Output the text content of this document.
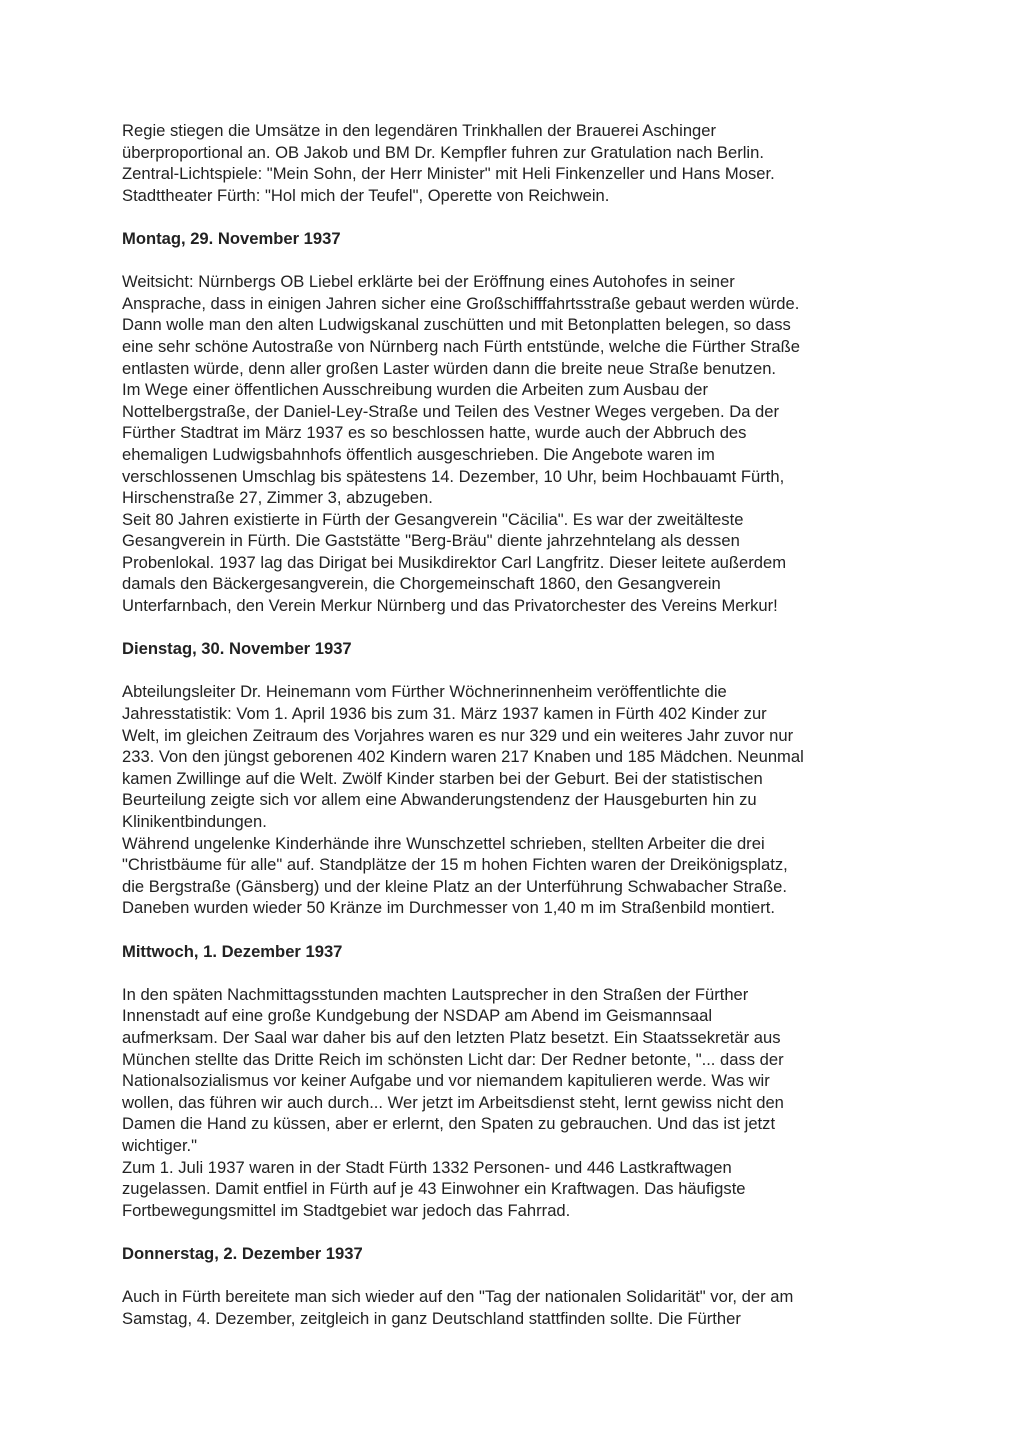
Regie stiegen die Umsätze in den legendären Trinkhallen der Brauerei Aschinger
überproportional an. OB Jakob und BM Dr. Kempfler fuhren zur Gratulation nach Berlin.
Zentral-Lichtspiele: "Mein Sohn, der Herr Minister" mit Heli Finkenzeller und Hans Moser.
Stadttheater Fürth: "Hol mich der Teufel", Operette von Reichwein.
Montag, 29. November 1937
Weitsicht: Nürnbergs OB Liebel erklärte bei der Eröffnung eines Autohofes in seiner
Ansprache, dass in einigen Jahren sicher eine Großschifffahrtsstraße gebaut werden würde.
Dann wolle man den alten Ludwigskanal zuschütten und mit Betonplatten belegen, so dass
eine sehr schöne Autostraße von Nürnberg nach Fürth entstünde, welche die Fürther Straße
entlasten würde, denn aller großen Laster würden dann die breite neue Straße benutzen.
Im Wege einer öffentlichen Ausschreibung wurden die Arbeiten zum Ausbau der
Nottelbergstraße, der Daniel-Ley-Straße und Teilen des Vestner Weges vergeben. Da der
Fürther Stadtrat im März 1937 es so beschlossen hatte, wurde auch der Abbruch des
ehemaligen Ludwigsbahnhofs öffentlich ausgeschrieben. Die Angebote waren im
verschlossenen Umschlag bis spätestens 14. Dezember, 10 Uhr, beim Hochbauamt Fürth,
Hirschenstraße 27, Zimmer 3, abzugeben.
Seit 80 Jahren existierte in Fürth der Gesangverein "Cäcilia". Es war der zweitälteste
Gesangverein in Fürth. Die Gaststätte "Berg-Bräu" diente jahrzehntelang als dessen
Probenlokal. 1937 lag das Dirigat bei Musikdirektor Carl Langfritz. Dieser leitete außerdem
damals den Bäckergesangverein, die Chorgemeinschaft 1860, den Gesangverein
Unterfarnbach, den Verein Merkur Nürnberg und das Privatorchester des Vereins Merkur!
Dienstag, 30. November 1937
Abteilungsleiter Dr. Heinemann vom Fürther Wöchnerinnenheim veröffentlichte die
Jahresstatistik: Vom 1. April 1936 bis zum 31. März 1937 kamen in Fürth 402 Kinder zur
Welt, im gleichen Zeitraum des Vorjahres waren es nur 329 und ein weiteres Jahr zuvor nur
233. Von den jüngst geborenen 402 Kindern waren 217 Knaben und 185 Mädchen. Neunmal
kamen Zwillinge auf die Welt. Zwölf Kinder starben bei der Geburt. Bei der statistischen
Beurteilung zeigte sich vor allem eine Abwanderungstendenz der Hausgeburten hin zu
Klinikentbindungen.
Während ungelenke Kinderhände ihre Wunschzettel schrieben, stellten Arbeiter die drei
"Christbäume für alle" auf. Standplätze der 15 m hohen Fichten waren der Dreikönigsplatz,
die Bergstraße (Gänsberg) und der kleine Platz an der Unterführung Schwabacher Straße.
Daneben wurden wieder 50 Kränze im Durchmesser von 1,40 m im Straßenbild montiert.
Mittwoch, 1. Dezember 1937
In den späten Nachmittagsstunden machten Lautsprecher in den Straßen der Fürther
Innenstadt auf eine große Kundgebung der NSDAP am Abend im Geismannsaal
aufmerksam. Der Saal war daher bis auf den letzten Platz besetzt. Ein Staatssekretär aus
München stellte das Dritte Reich im schönsten Licht dar: Der Redner betonte, "... dass der
Nationalsozialismus vor keiner Aufgabe und vor niemandem kapitulieren werde. Was wir
wollen, das führen wir auch durch... Wer jetzt im Arbeitsdienst steht, lernt gewiss nicht den
Damen die Hand zu küssen, aber er erlernt, den Spaten zu gebrauchen. Und das ist jetzt
wichtiger."
Zum 1. Juli 1937 waren in der Stadt Fürth 1332 Personen- und 446 Lastkraftwagen
zugelassen. Damit entfiel in Fürth auf je 43 Einwohner ein Kraftwagen. Das häufigste
Fortbewegungsmittel im Stadtgebiet war jedoch das Fahrrad.
Donnerstag, 2. Dezember 1937
Auch in Fürth bereitete man sich wieder auf den "Tag der nationalen Solidarität" vor, der am
Samstag, 4. Dezember, zeitgleich in ganz Deutschland stattfinden sollte. Die Fürther
